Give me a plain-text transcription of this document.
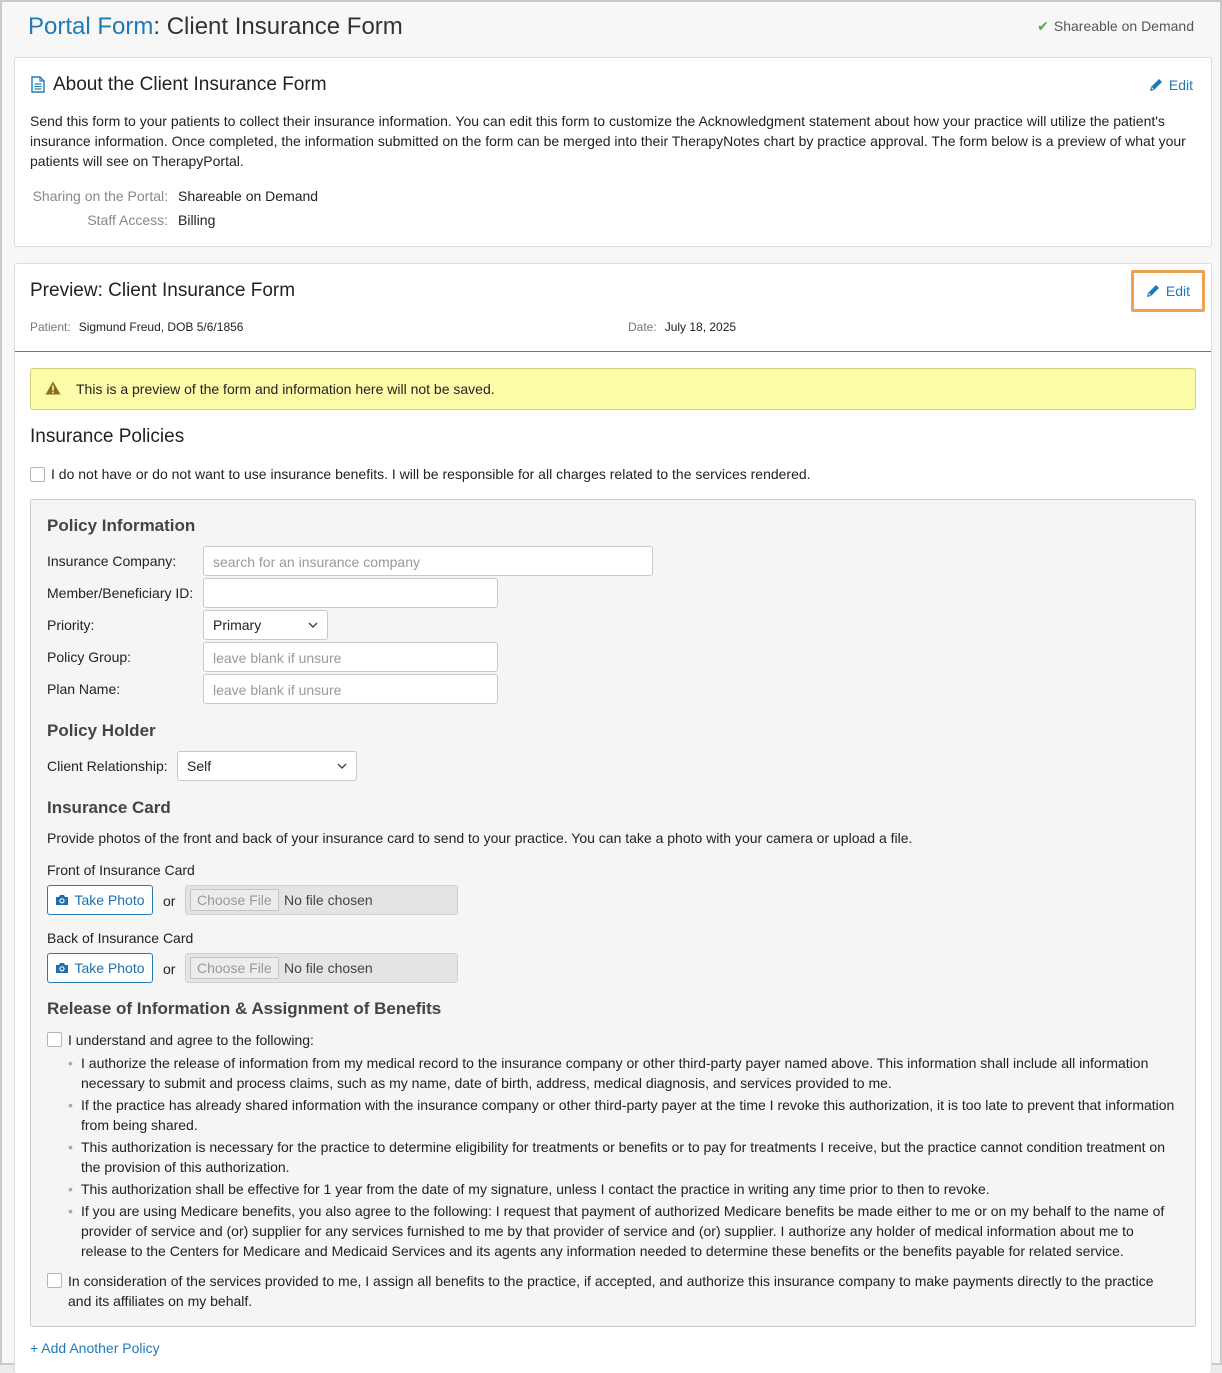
Portal Form: Client Insurance Form	✔ Shareable on Demand
About the Client Insurance Form	Edit

Send this form to your patients to collect their insurance information. You can edit this form to customize the Acknowledgment statement about how your practice will utilize the patient's insurance information. Once completed, the information submitted on the form can be merged into their TherapyNotes chart by practice approval. The form below is a preview of what your patients will see on TherapyPortal.

Sharing on the Portal: Shareable on Demand
Staff Access: Billing
Preview: Client Insurance Form	Edit
Patient: Sigmund Freud, DOB 5/6/1856	Date: July 18, 2025
This is a preview of the form and information here will not be saved.
Insurance Policies
I do not have or do not want to use insurance benefits. I will be responsible for all charges related to the services rendered.
Policy Information
Insurance Company:	search for an insurance company
Member/Beneficiary ID:
Priority:	Primary
Policy Group:	leave blank if unsure
Plan Name:	leave blank if unsure
Policy Holder
Client Relationship:	Self
Insurance Card
Provide photos of the front and back of your insurance card to send to your practice. You can take a photo with your camera or upload a file.
Front of Insurance Card
Take Photo or	Choose File No file chosen
Back of Insurance Card
Take Photo or	Choose File No file chosen
Release of Information & Assignment of Benefits
I understand and agree to the following:
• I authorize the release of information from my medical record to the insurance company or other third-party payer named above. This information shall include all information necessary to submit and process claims, such as my name, date of birth, address, medical diagnosis, and services provided to me.
• If the practice has already shared information with the insurance company or other third-party payer at the time I revoke this authorization, it is too late to prevent that information from being shared.
• This authorization is necessary for the practice to determine eligibility for treatments or benefits or to pay for treatments I receive, but the practice cannot condition treatment on the provision of this authorization.
• This authorization shall be effective for 1 year from the date of my signature, unless I contact the practice in writing any time prior to then to revoke.
• If you are using Medicare benefits, you also agree to the following: I request that payment of authorized Medicare benefits be made either to me or on my behalf to the name of provider of service and (or) supplier for any services furnished to me by that provider of service and (or) supplier. I authorize any holder of medical information about me to release to the Centers for Medicare and Medicaid Services and its agents any information needed to determine these benefits or the benefits payable for related service.
In consideration of the services provided to me, I assign all benefits to the practice, if accepted, and authorize this insurance company to make payments directly to the practice and its affiliates on my behalf.
+ Add Another Policy
